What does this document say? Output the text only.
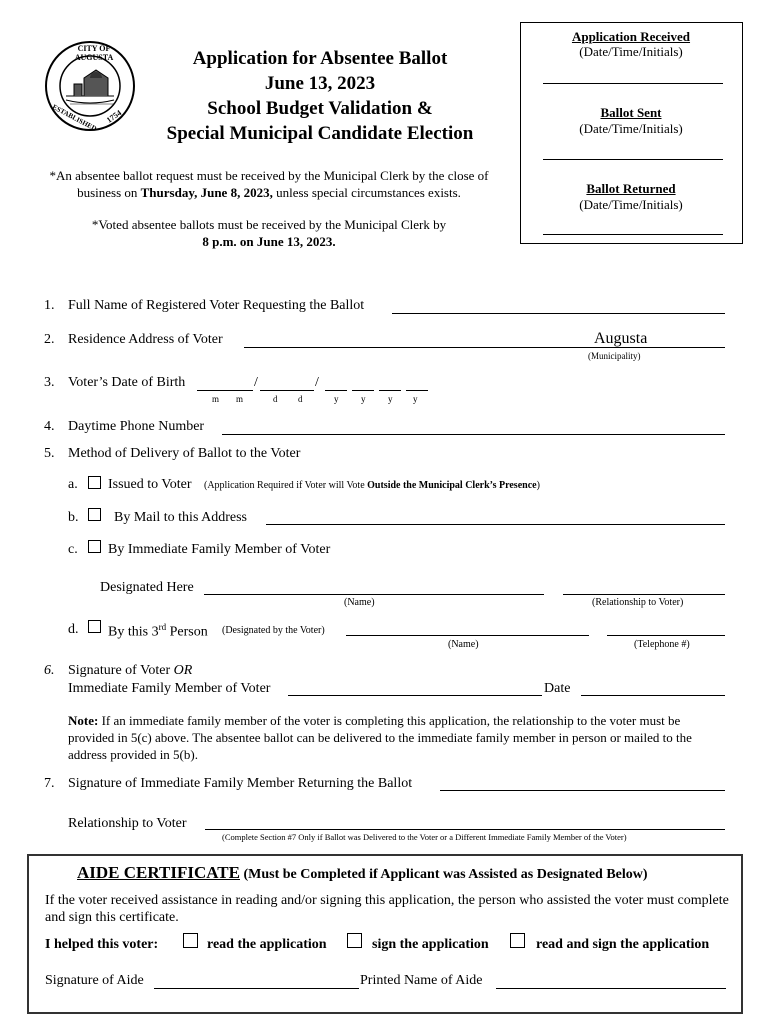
CITY OF AUGUSTA
ESTABLISHED 1754
Application for Absentee Ballot
June 13, 2023
School Budget Validation &
Special Municipal Candidate Election
*An absentee ballot request must be received by the Municipal Clerk by the close of
business on Thursday, June 8, 2023, unless special circumstances exists.
*Voted absentee ballots must be received by the Municipal Clerk by
8 p.m. on June 13, 2023.
Application Received
(Date/Time/Initials)
Ballot Sent
(Date/Time/Initials)
Ballot Returned
(Date/Time/Initials)
1. Full Name of Registered Voter Requesting the Ballot
2. Residence Address of Voter	Augusta
(Municipality)
3. Voter’s Date of Birth	/	/
m m	d d	y	y	y y
4. Daytime Phone Number
5. Method of Delivery of Ballot to the Voter
a. Issued to Voter (Application Required if Voter will Vote Outside the Municipal Clerk’s Presence)
b.	By Mail to this Address
c. By Immediate Family Member of Voter
Designated Here
(Name)	(Relationship to Voter)
d. By this 3rd Person (Designated by the Voter)
(Name)	(Telephone #)
6. Signature of Voter OR
Immediate Family Member of Voter	Date
Note: If an immediate family member of the voter is completing this application, the relationship to the voter must be provided in 5(c) above. The absentee ballot can be delivered to the immediate family member in person or mailed to the address provided in 5(b).
7. Signature of Immediate Family Member Returning the Ballot
Relationship to Voter
(Complete Section #7 Only if Ballot was Delivered to the Voter or a Different Immediate Family Member of the Voter)
AIDE CERTIFICATE (Must be Completed if Applicant was Assisted as Designated Below)
If the voter received assistance in reading and/or signing this application, the person who assisted the voter must complete and sign this certificate.
I helped this voter:	read the application	sign the application	read and sign the application
Signature of Aide	Printed Name of Aide
